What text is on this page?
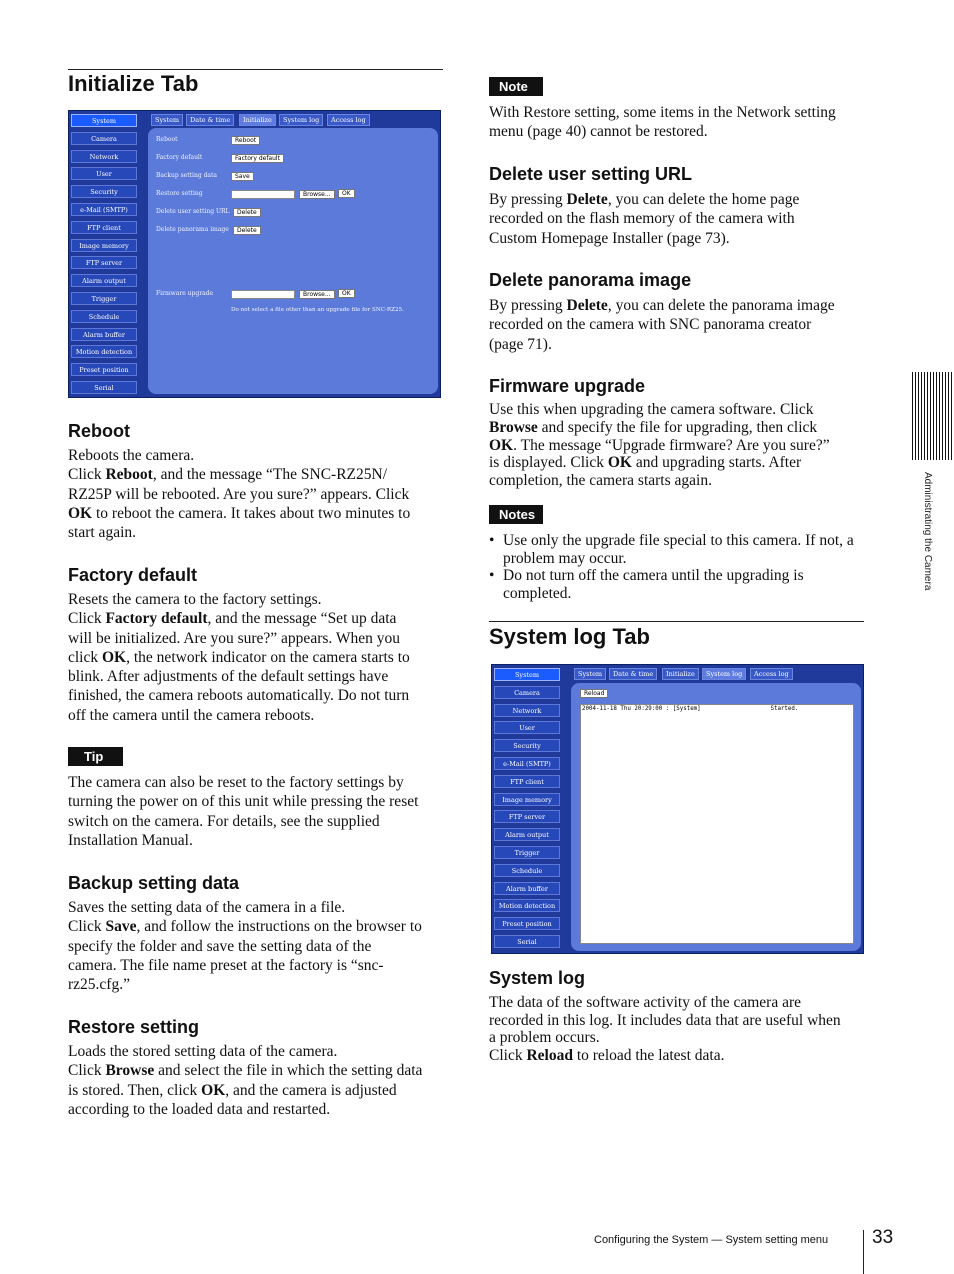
Initialize Tab
System
Camera
Network
User
Security
e-Mail (SMTP)
FTP client
Image memory
FTP server
Alarm output
Trigger
Schedule
Alarm buffer
Motion detection
Preset position
Serial
System	Date & time	Initialize	System log	Access log
Reboot	Reboot
Factory default	Factory default
Backup setting data	Save
Restore setting	Browse...	OK
Delete user setting URL	Delete
Delete panorama image	Delete
Firmware upgrade	Browse...	OK
Do not select a file other than an upgrade file for SNC-RZ25.
Reboot
Reboots the camera.
Click Reboot, and the message “The SNC-RZ25N/
RZ25P will be rebooted. Are you sure?” appears. Click
OK to reboot the camera. It takes about two minutes to
start again.
Factory default
Resets the camera to the factory settings.
Click Factory default, and the message “Set up data
will be initialized. Are you sure?” appears. When you
click OK, the network indicator on the camera starts to
blink. After adjustments of the default settings have
finished, the camera reboots automatically. Do not turn
off the camera until the camera reboots.
Tip
The camera can also be reset to the factory settings by
turning the power on of this unit while pressing the reset
switch on the camera. For details, see the supplied
Installation Manual.
Backup setting data
Saves the setting data of the camera in a file.
Click Save, and follow the instructions on the browser to
specify the folder and save the setting data of the
camera. The file name preset at the factory is “snc-
rz25.cfg.”
Restore setting
Loads the stored setting data of the camera.
Click Browse and select the file in which the setting data
is stored. Then, click OK, and the camera is adjusted
according to the loaded data and restarted.
Note
With Restore setting, some items in the Network setting
menu (page 40) cannot be restored.
Delete user setting URL
By pressing Delete, you can delete the home page
recorded on the flash memory of the camera with
Custom Homepage Installer (page 73).
Delete panorama image
By pressing Delete, you can delete the panorama image
recorded on the camera with SNC panorama creator
(page 71).
Firmware upgrade
Use this when upgrading the camera software. Click
Browse and specify the file for upgrading, then click
OK. The message “Upgrade firmware? Are you sure?”
is displayed. Click OK and upgrading starts. After
completion, the camera starts again.
Notes
• Use only the upgrade file special to this camera. If not, a problem may occur.
• Do not turn off the camera until the upgrading is completed.
System log Tab
System
Camera
Network
User
Security
e-Mail (SMTP)
FTP client
Image memory
FTP server
Alarm output
Trigger
Schedule
Alarm buffer
Motion detection
Preset position
Serial
System	Date & time	Initialize	System log	Access log
Reload
2004-11-18 Thu 20:29:00 : [System]                    Started.
System log
The data of the software activity of the camera are
recorded in this log. It includes data that are useful when
a problem occurs.
Click Reload to reload the latest data.
Administrating the Camera
Configuring the System — System setting menu 33
